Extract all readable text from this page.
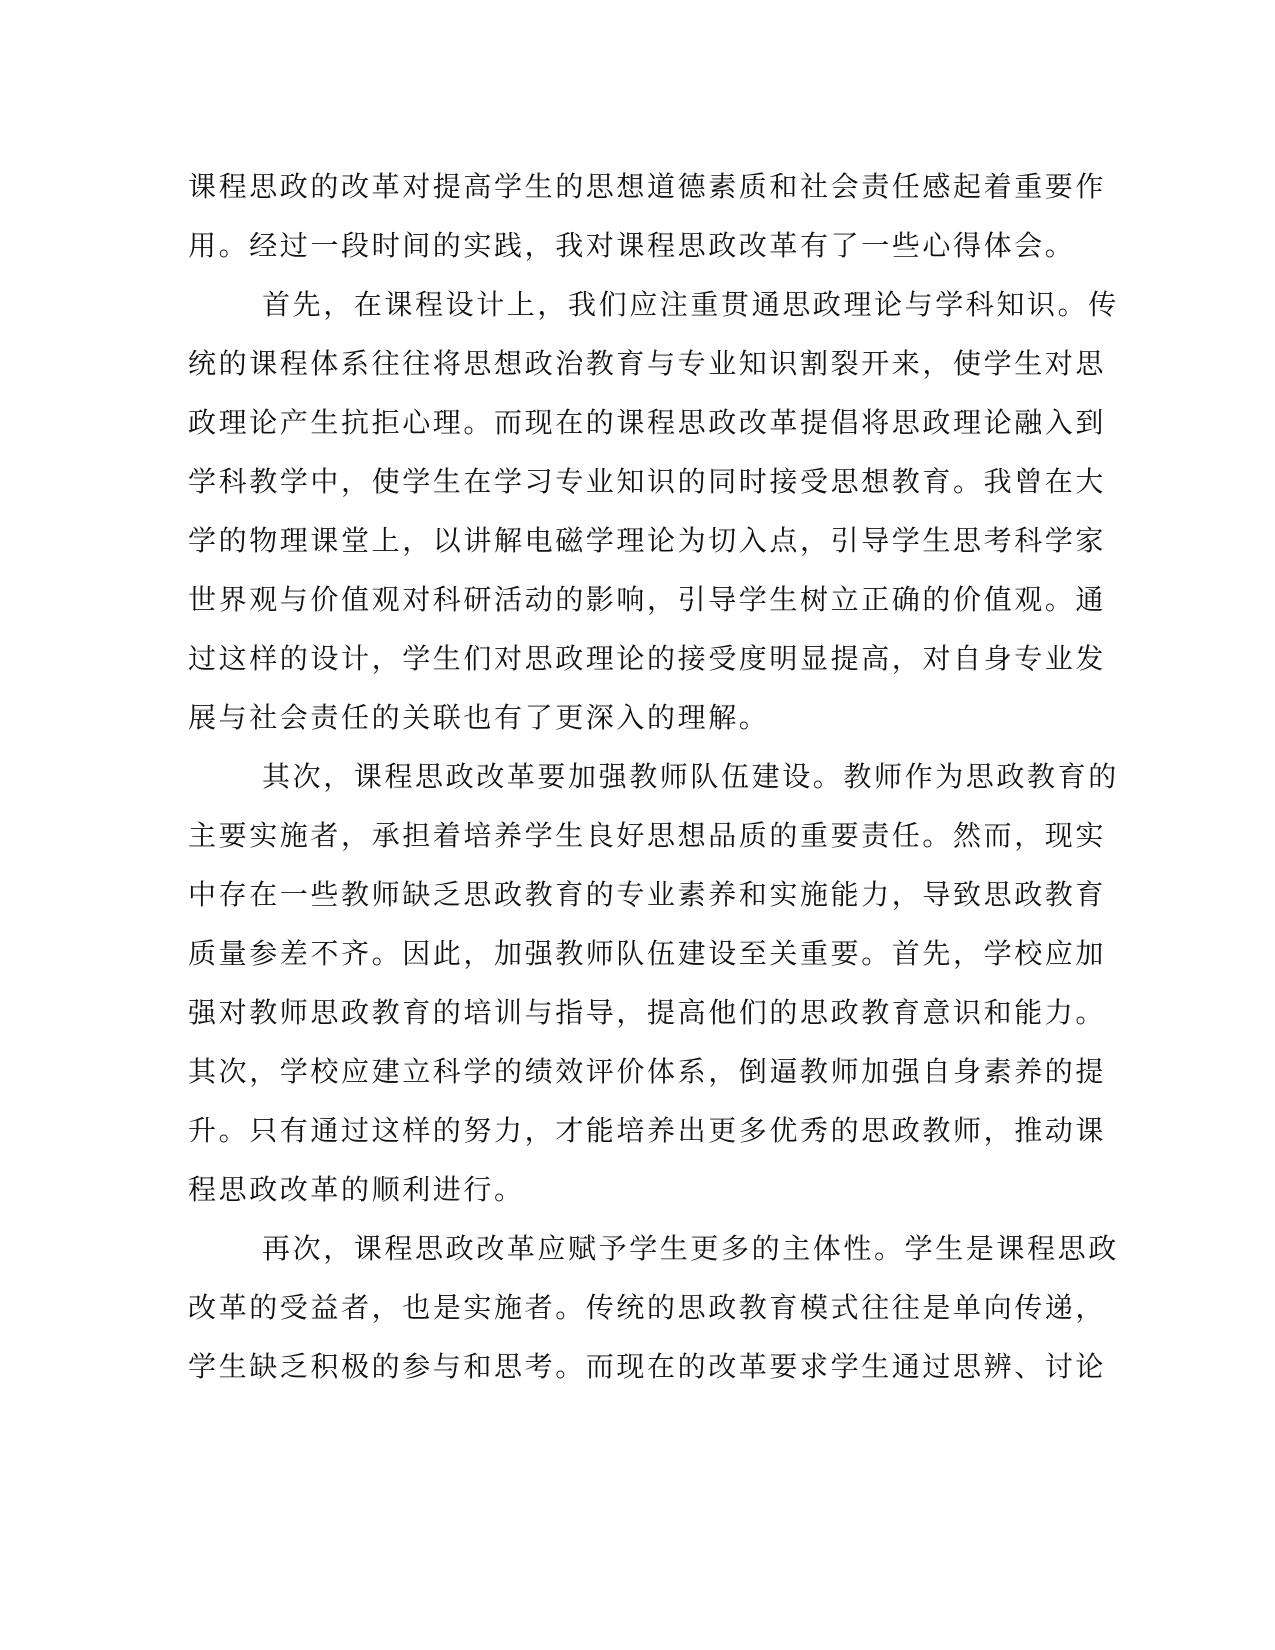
课程思政的改革对提高学生的思想道德素质和社会责任感起着重要作
用。经过一段时间的实践，我对课程思政改革有了一些心得体会。
首先，在课程设计上，我们应注重贯通思政理论与学科知识。传
统的课程体系往往将思想政治教育与专业知识割裂开来，使学生对思
政理论产生抗拒心理。而现在的课程思政改革提倡将思政理论融入到
学科教学中，使学生在学习专业知识的同时接受思想教育。我曾在大
学的物理课堂上，以讲解电磁学理论为切入点，引导学生思考科学家
世界观与价值观对科研活动的影响，引导学生树立正确的价值观。通
过这样的设计，学生们对思政理论的接受度明显提高，对自身专业发
展与社会责任的关联也有了更深入的理解。
其次，课程思政改革要加强教师队伍建设。教师作为思政教育的
主要实施者，承担着培养学生良好思想品质的重要责任。然而，现实
中存在一些教师缺乏思政教育的专业素养和实施能力，导致思政教育
质量参差不齐。因此，加强教师队伍建设至关重要。首先，学校应加
强对教师思政教育的培训与指导，提高他们的思政教育意识和能力。
其次，学校应建立科学的绩效评价体系，倒逼教师加强自身素养的提
升。只有通过这样的努力，才能培养出更多优秀的思政教师，推动课
程思政改革的顺利进行。
再次，课程思政改革应赋予学生更多的主体性。学生是课程思政
改革的受益者，也是实施者。传统的思政教育模式往往是单向传递，
学生缺乏积极的参与和思考。而现在的改革要求学生通过思辨、讨论
